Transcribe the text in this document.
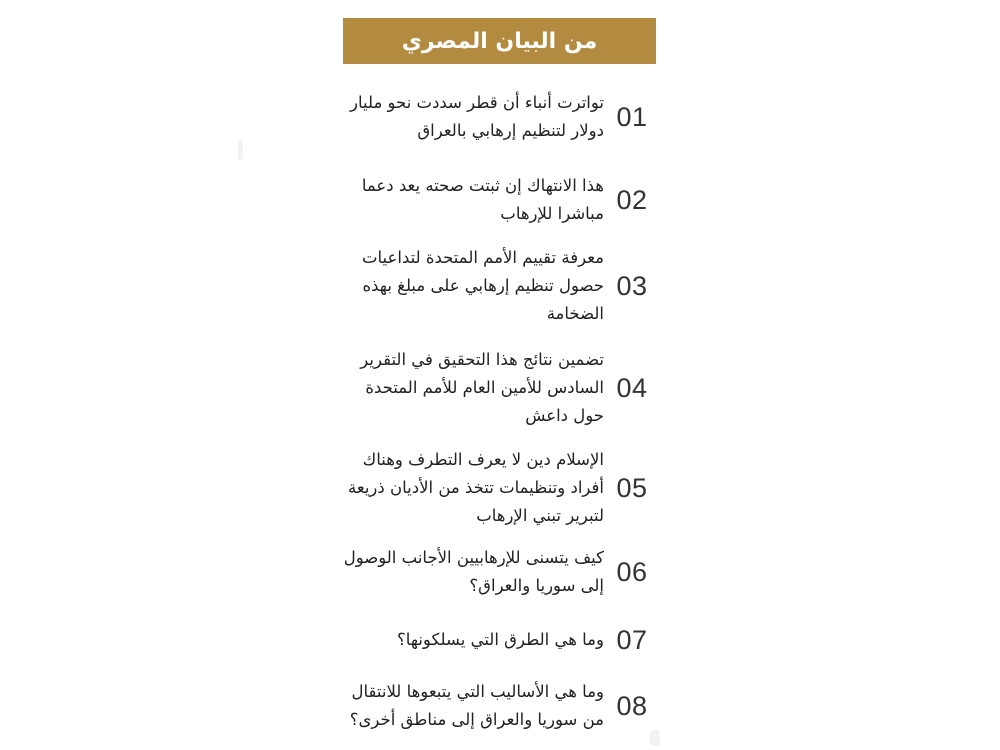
من البيان المصري
01
تواترت أنباء أن قطر سددت نحو مليار دولار لتنظيم إرهابي بالعراق
02
هذا الانتهاك إن ثبتت صحته يعد دعما مباشرا للإرهاب
03
معرفة تقييم الأمم المتحدة لتداعيات حصول تنظيم إرهابي على مبلغ بهذه الضخامة
04
تضمين نتائج هذا التحقيق في التقرير السادس للأمين العام للأمم المتحدة حول داعش
05
الإسلام دين لا يعرف التطرف وهناك أفراد وتنظيمات تتخذ من الأديان ذريعة لتبرير تبني الإرهاب
06
كيف يتسنى للإرهابيين الأجانب الوصول إلى سوريا والعراق؟
07
وما هي الطرق التي يسلكونها؟
08
وما هي الأساليب التي يتبعوها للانتقال من سوريا والعراق إلى مناطق أخرى؟
